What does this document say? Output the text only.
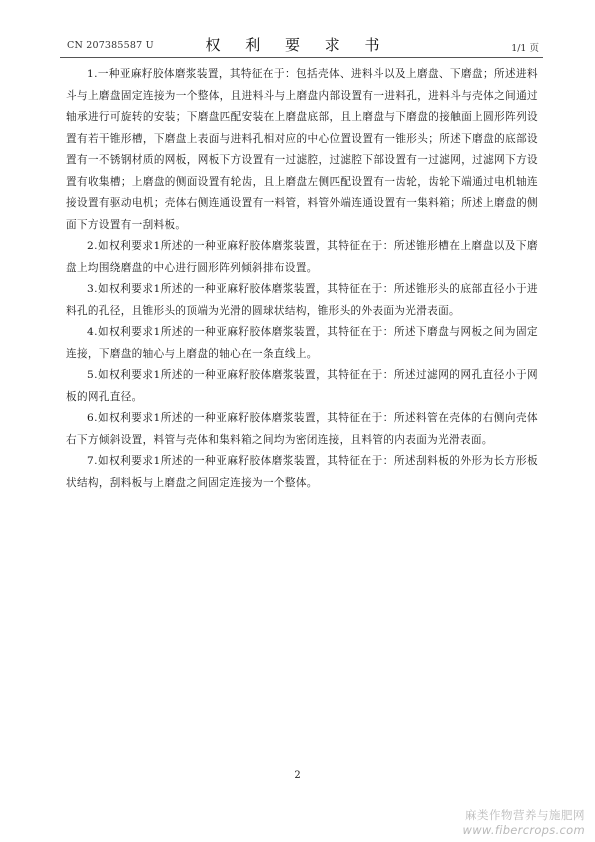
CN 207385587 U	权 利 要 求 书	1/1 页

1.一种亚麻籽胶体磨浆装置，其特征在于：包括壳体、进料斗以及上磨盘、下磨盘；所述进料斗与上磨盘固定连接为一个整体，且进料斗与上磨盘内部设置有一进料孔，进料斗与壳体之间通过轴承进行可旋转的安装；下磨盘匹配安装在上磨盘底部，且上磨盘与下磨盘的接触面上圆形阵列设置有若干锥形槽，下磨盘上表面与进料孔相对应的中心位置设置有一锥形头；所述下磨盘的底部设置有一不锈钢材质的网板，网板下方设置有一过滤腔，过滤腔下部设置有一过滤网，过滤网下方设置有收集槽；上磨盘的侧面设置有轮齿，且上磨盘左侧匹配设置有一齿轮，齿轮下端通过电机轴连接设置有驱动电机；壳体右侧连通设置有一料管，料管外端连通设置有一集料箱；所述上磨盘的侧面下方设置有一刮料板。

2.如权利要求1所述的一种亚麻籽胶体磨浆装置，其特征在于：所述锥形槽在上磨盘以及下磨盘上均围绕磨盘的中心进行圆形阵列倾斜排布设置。

3.如权利要求1所述的一种亚麻籽胶体磨浆装置，其特征在于：所述锥形头的底部直径小于进料孔的孔径，且锥形头的顶端为光滑的圆球状结构，锥形头的外表面为光滑表面。

4.如权利要求1所述的一种亚麻籽胶体磨浆装置，其特征在于：所述下磨盘与网板之间为固定连接，下磨盘的轴心与上磨盘的轴心在一条直线上。

5.如权利要求1所述的一种亚麻籽胶体磨浆装置，其特征在于：所述过滤网的网孔直径小于网板的网孔直径。

6.如权利要求1所述的一种亚麻籽胶体磨浆装置，其特征在于：所述料管在壳体的右侧向壳体右下方倾斜设置，料管与壳体和集料箱之间均为密闭连接，且料管的内表面为光滑表面。

7.如权利要求1所述的一种亚麻籽胶体磨浆装置，其特征在于：所述刮料板的外形为长方形板状结构，刮料板与上磨盘之间固定连接为一个整体。

2
麻类作物营养与施肥网
www.fibercrops.com
